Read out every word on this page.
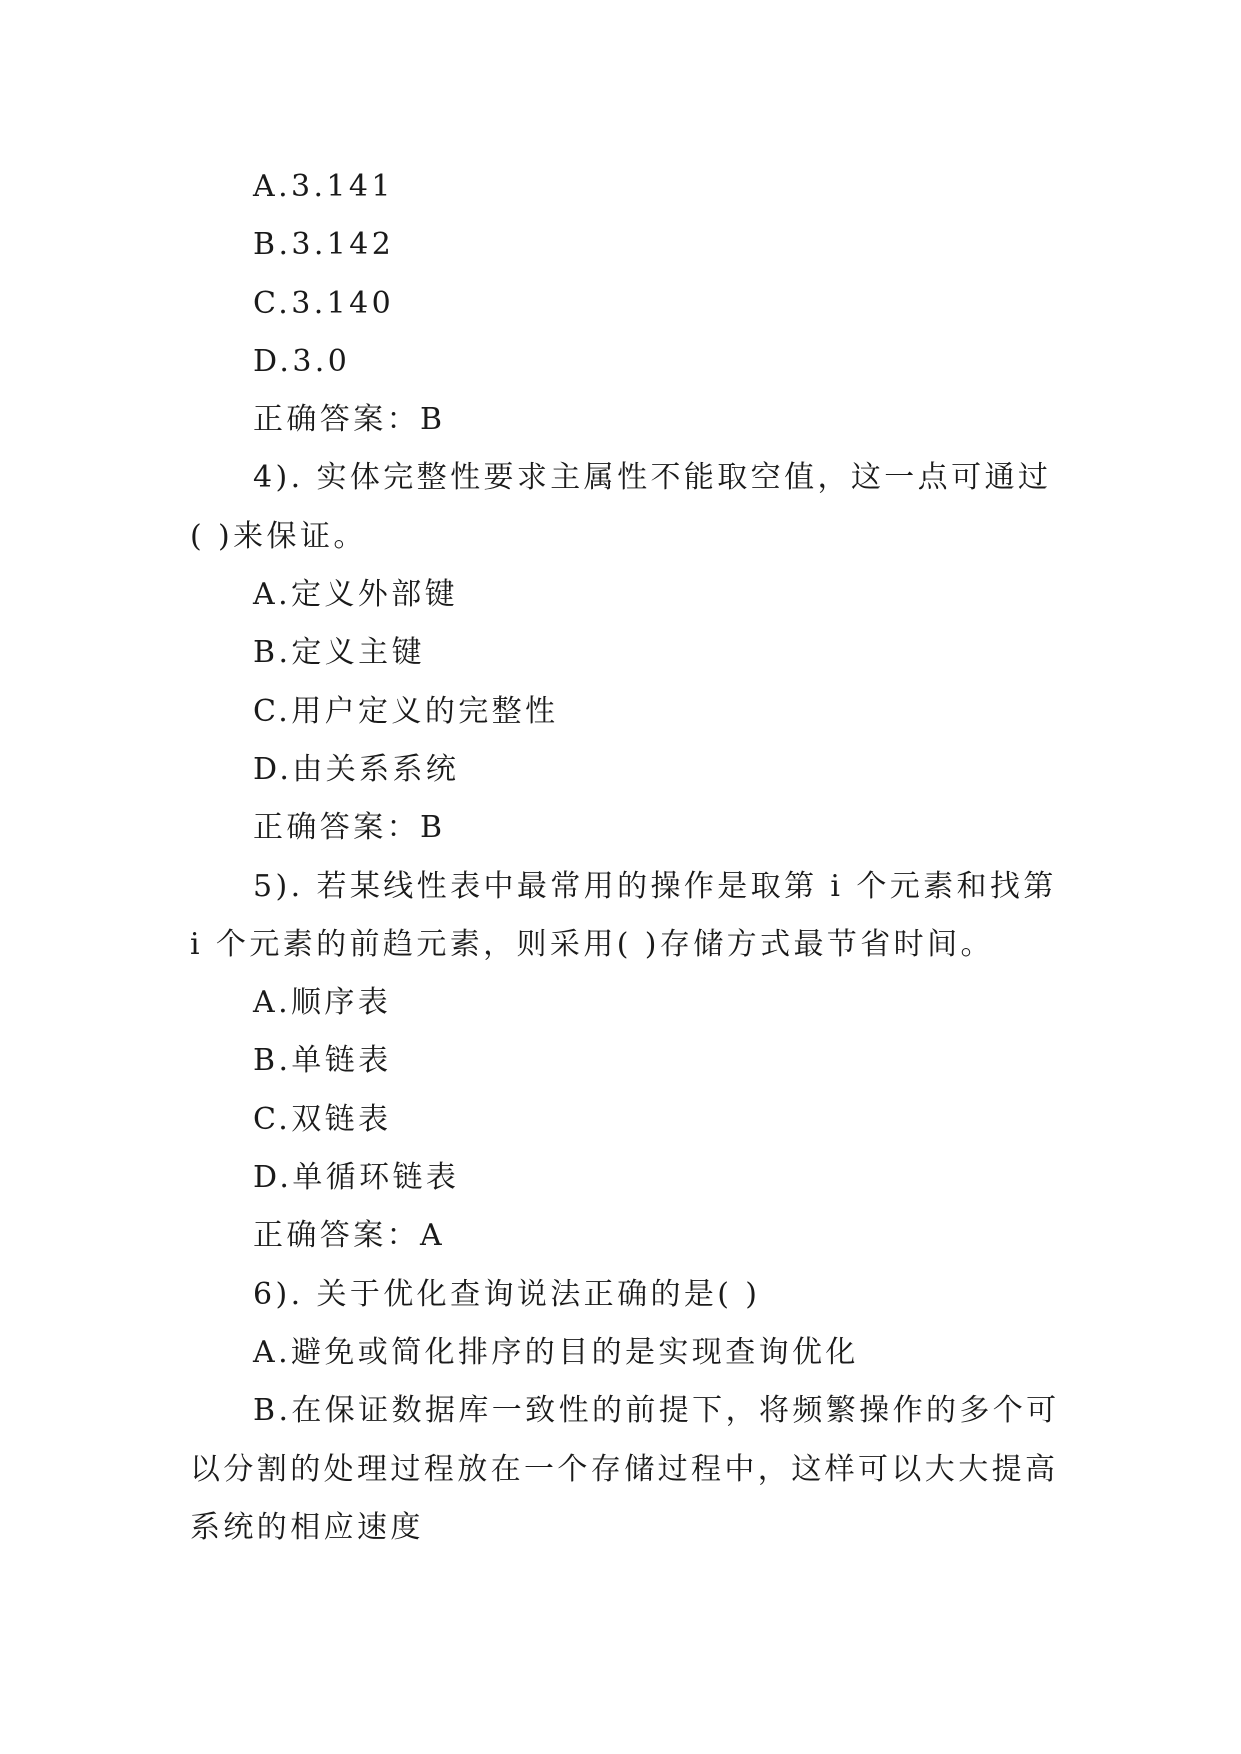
A.3.141
B.3.142
C.3.140
D.3.0
正确答案：B
4). 实体完整性要求主属性不能取空值，这一点可通过
( )来保证。
A.定义外部键
B.定义主键
C.用户定义的完整性
D.由关系系统
正确答案：B
5). 若某线性表中最常用的操作是取第 i 个元素和找第
i 个元素的前趋元素，则采用( )存储方式最节省时间。
A.顺序表
B.单链表
C.双链表
D.单循环链表
正确答案：A
6). 关于优化查询说法正确的是( )
A.避免或简化排序的目的是实现查询优化
B.在保证数据库一致性的前提下，将频繁操作的多个可
以分割的处理过程放在一个存储过程中，这样可以大大提高
系统的相应速度
